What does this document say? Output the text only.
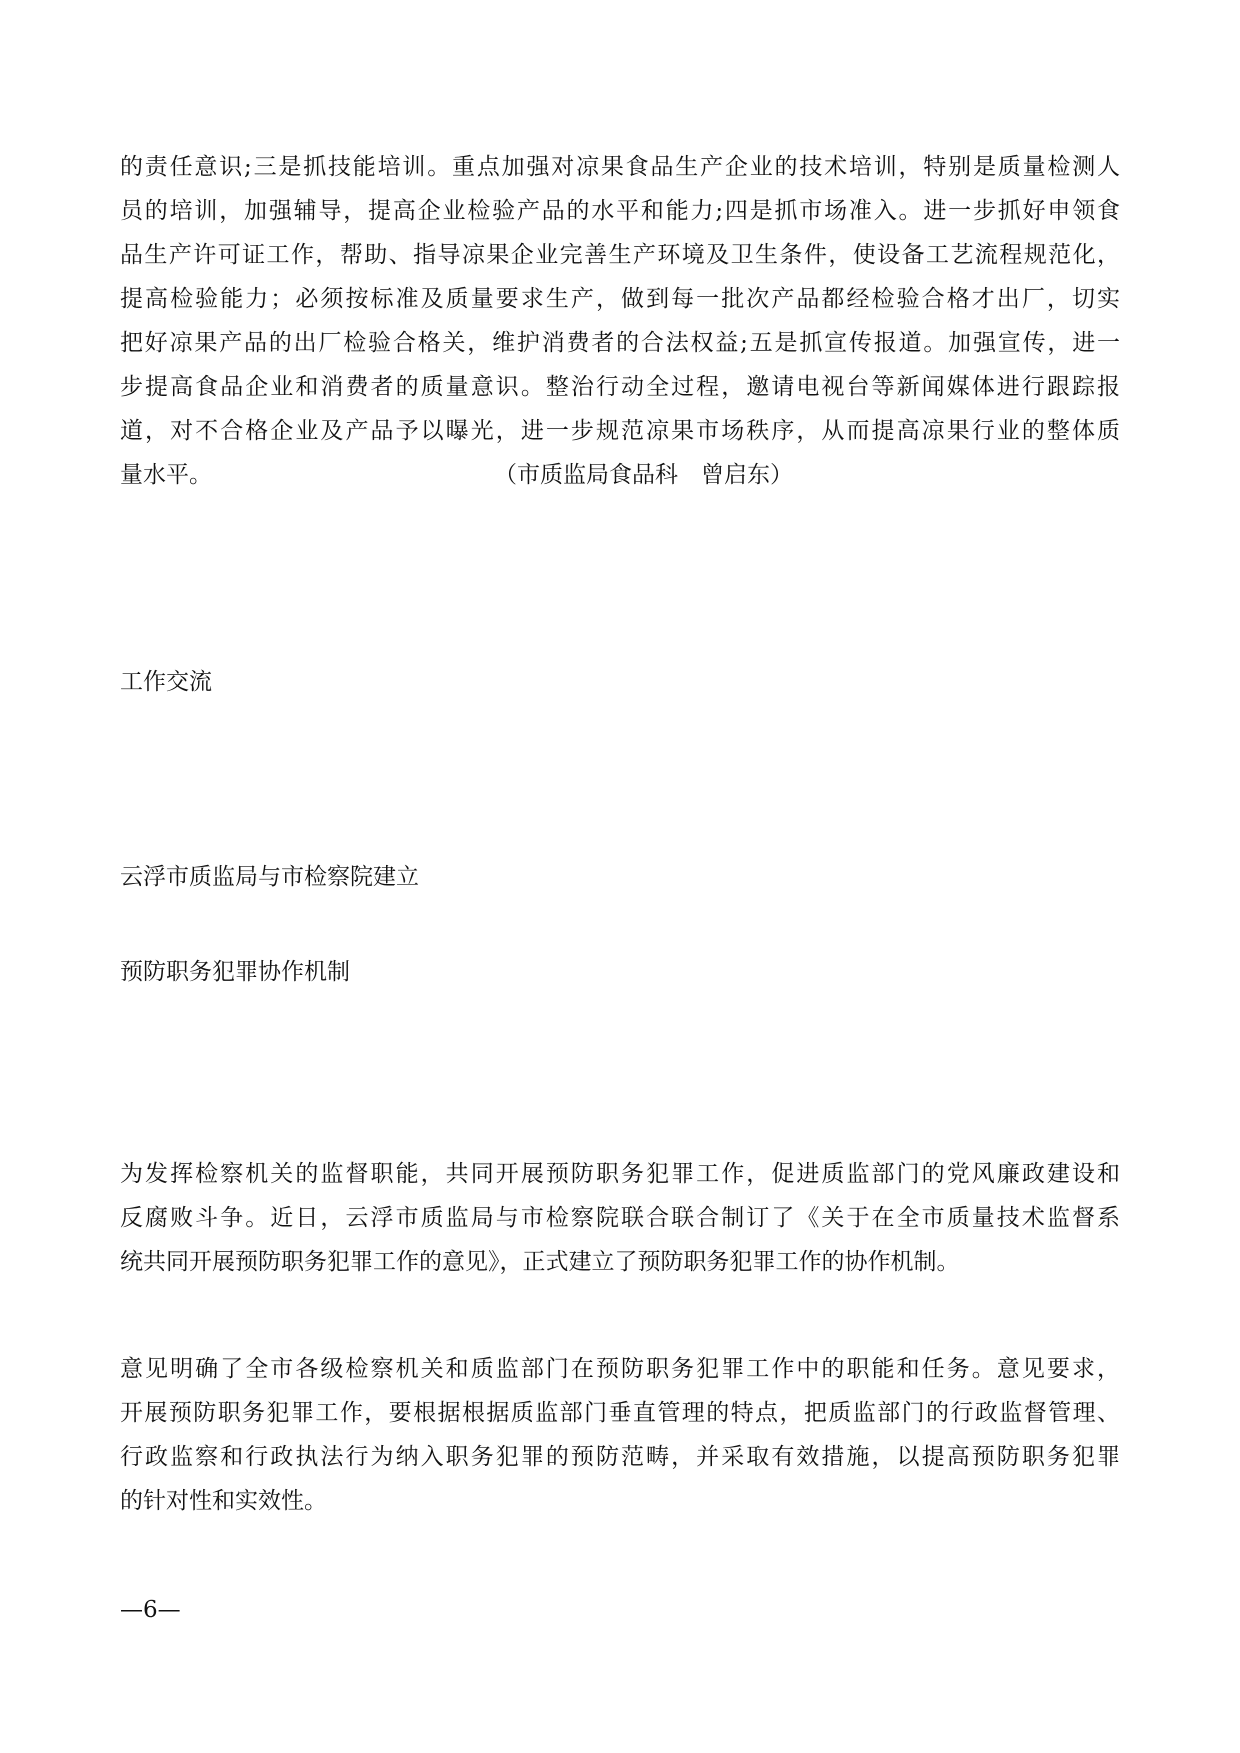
的责任意识;三是抓技能培训。重点加强对凉果食品生产企业的技术培训，特别是质量检测人
员的培训，加强辅导，提高企业检验产品的水平和能力;四是抓市场准入。进一步抓好申领食
品生产许可证工作，帮助、指导凉果企业完善生产环境及卫生条件，使设备工艺流程规范化，
提高检验能力；必须按标准及质量要求生产，做到每一批次产品都经检验合格才出厂，切实
把好凉果产品的出厂检验合格关，维护消费者的合法权益;五是抓宣传报道。加强宣传，进一
步提高食品企业和消费者的质量意识。整治行动全过程，邀请电视台等新闻媒体进行跟踪报
道，对不合格企业及产品予以曝光，进一步规范凉果市场秩序，从而提高凉果行业的整体质
量水平。	（市质监局食品科　曾启东）
工作交流
云浮市质监局与市检察院建立
预防职务犯罪协作机制
为发挥检察机关的监督职能，共同开展预防职务犯罪工作，促进质监部门的党风廉政建设和
反腐败斗争。近日，云浮市质监局与市检察院联合联合制订了《关于在全市质量技术监督系
统共同开展预防职务犯罪工作的意见》，正式建立了预防职务犯罪工作的协作机制。
意见明确了全市各级检察机关和质监部门在预防职务犯罪工作中的职能和任务。意见要求，
开展预防职务犯罪工作，要根据根据质监部门垂直管理的特点，把质监部门的行政监督管理、
行政监察和行政执法行为纳入职务犯罪的预防范畴，并采取有效措施，以提高预防职务犯罪
的针对性和实效性。
—6—
